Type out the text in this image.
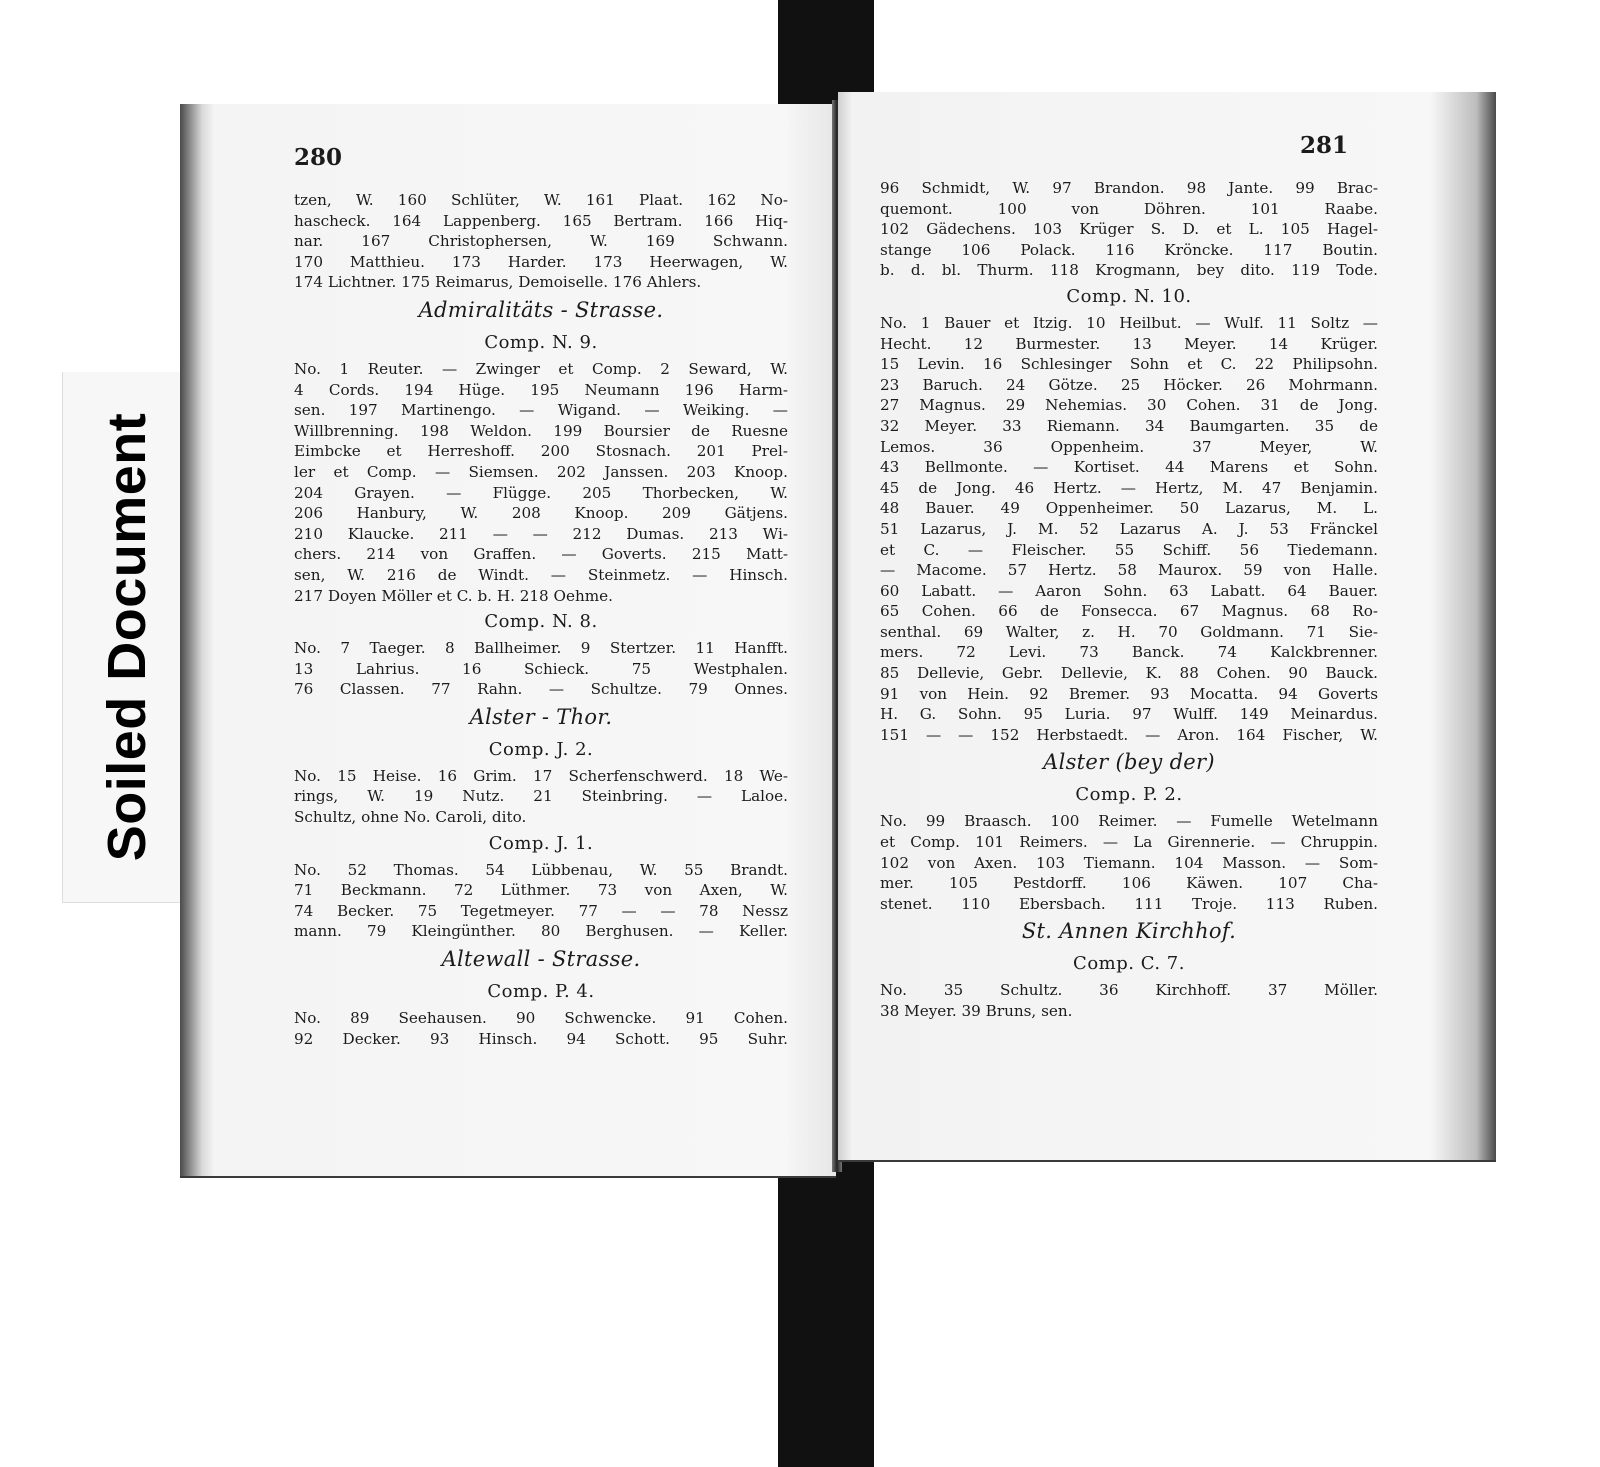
Soiled Document
280
tzen, W. 160 Schlüter, W. 161 Plaat. 162 No-
hascheck. 164 Lappenberg. 165 Bertram. 166 Hiq-
nar. 167 Christophersen, W. 169 Schwann.
170 Matthieu. 173 Harder. 173 Heerwagen, W.
174 Lichtner. 175 Reimarus, Demoiselle. 176 Ahlers.
Admiralitäts - Strasse.
Comp. N. 9.
No. 1 Reuter. — Zwinger et Comp. 2 Seward, W.
4 Cords. 194 Hüge. 195 Neumann 196 Harm-
sen. 197 Martinengo. — Wigand. — Weiking. —
Willbrenning. 198 Weldon. 199 Boursier de Ruesne
Eimbcke et Herreshoff. 200 Stosnach. 201 Prel-
ler et Comp. — Siemsen. 202 Janssen. 203 Knoop.
204 Grayen. — Flügge. 205 Thorbecken, W.
206 Hanbury, W. 208 Knoop. 209 Gätjens.
210 Klaucke. 211 — — 212 Dumas. 213 Wi-
chers. 214 von Graffen. — Goverts. 215 Matt-
sen, W. 216 de Windt. — Steinmetz. — Hinsch.
217 Doyen Möller et C. b. H. 218 Oehme.
Comp. N. 8.
No. 7 Taeger. 8 Ballheimer. 9 Stertzer. 11 Hanfft.
13 Lahrius. 16 Schieck. 75 Westphalen.
76 Classen. 77 Rahn. — Schultze. 79 Onnes.
Alster - Thor.
Comp. J. 2.
No. 15 Heise. 16 Grim. 17 Scherfenschwerd. 18 We-
rings, W. 19 Nutz. 21 Steinbring. — Laloe.
Schultz, ohne No. Caroli, dito.
Comp. J. 1.
No. 52 Thomas. 54 Lübbenau, W. 55 Brandt.
71 Beckmann. 72 Lüthmer. 73 von Axen, W.
74 Becker. 75 Tegetmeyer. 77 — — 78 Nessz
mann. 79 Kleingünther. 80 Berghusen. — Keller.
Altewall - Strasse.
Comp. P. 4.
No. 89 Seehausen. 90 Schwencke. 91 Cohen.
92 Decker. 93 Hinsch. 94 Schott. 95 Suhr.
281
96 Schmidt, W. 97 Brandon. 98 Jante. 99 Brac-
quemont. 100 von Döhren. 101 Raabe.
102 Gädechens. 103 Krüger S. D. et L. 105 Hagel-
stange 106 Polack. 116 Kröncke. 117 Boutin.
b. d. bl. Thurm. 118 Krogmann, bey dito. 119 Tode.
Comp. N. 10.
No. 1 Bauer et Itzig. 10 Heilbut. — Wulf. 11 Soltz —
Hecht. 12 Burmester. 13 Meyer. 14 Krüger.
15 Levin. 16 Schlesinger Sohn et C. 22 Philipsohn.
23 Baruch. 24 Götze. 25 Höcker. 26 Mohrmann.
27 Magnus. 29 Nehemias. 30 Cohen. 31 de Jong.
32 Meyer. 33 Riemann. 34 Baumgarten. 35 de
Lemos. 36 Oppenheim. 37 Meyer, W.
43 Bellmonte. — Kortiset. 44 Marens et Sohn.
45 de Jong. 46 Hertz. — Hertz, M. 47 Benjamin.
48 Bauer. 49 Oppenheimer. 50 Lazarus, M. L.
51 Lazarus, J. M. 52 Lazarus A. J. 53 Fränckel
et C. — Fleischer. 55 Schiff. 56 Tiedemann.
— Macome. 57 Hertz. 58 Maurox. 59 von Halle.
60 Labatt. — Aaron Sohn. 63 Labatt. 64 Bauer.
65 Cohen. 66 de Fonsecca. 67 Magnus. 68 Ro-
senthal. 69 Walter, z. H. 70 Goldmann. 71 Sie-
mers. 72 Levi. 73 Banck. 74 Kalckbrenner.
85 Dellevie, Gebr. Dellevie, K. 88 Cohen. 90 Bauck.
91 von Hein. 92 Bremer. 93 Mocatta. 94 Goverts
H. G. Sohn. 95 Luria. 97 Wulff. 149 Meinardus.
151 — — 152 Herbstaedt. — Aron. 164 Fischer, W.
Alster (bey der)
Comp. P. 2.
No. 99 Braasch. 100 Reimer. — Fumelle Wetelmann
et Comp. 101 Reimers. — La Girennerie. — Chruppin.
102 von Axen. 103 Tiemann. 104 Masson. — Som-
mer. 105 Pestdorff. 106 Käwen. 107 Cha-
stenet. 110 Ebersbach. 111 Troje. 113 Ruben.
St. Annen Kirchhof.
Comp. C. 7.
No. 35 Schultz. 36 Kirchhoff. 37 Möller.
38 Meyer. 39 Bruns, sen.
